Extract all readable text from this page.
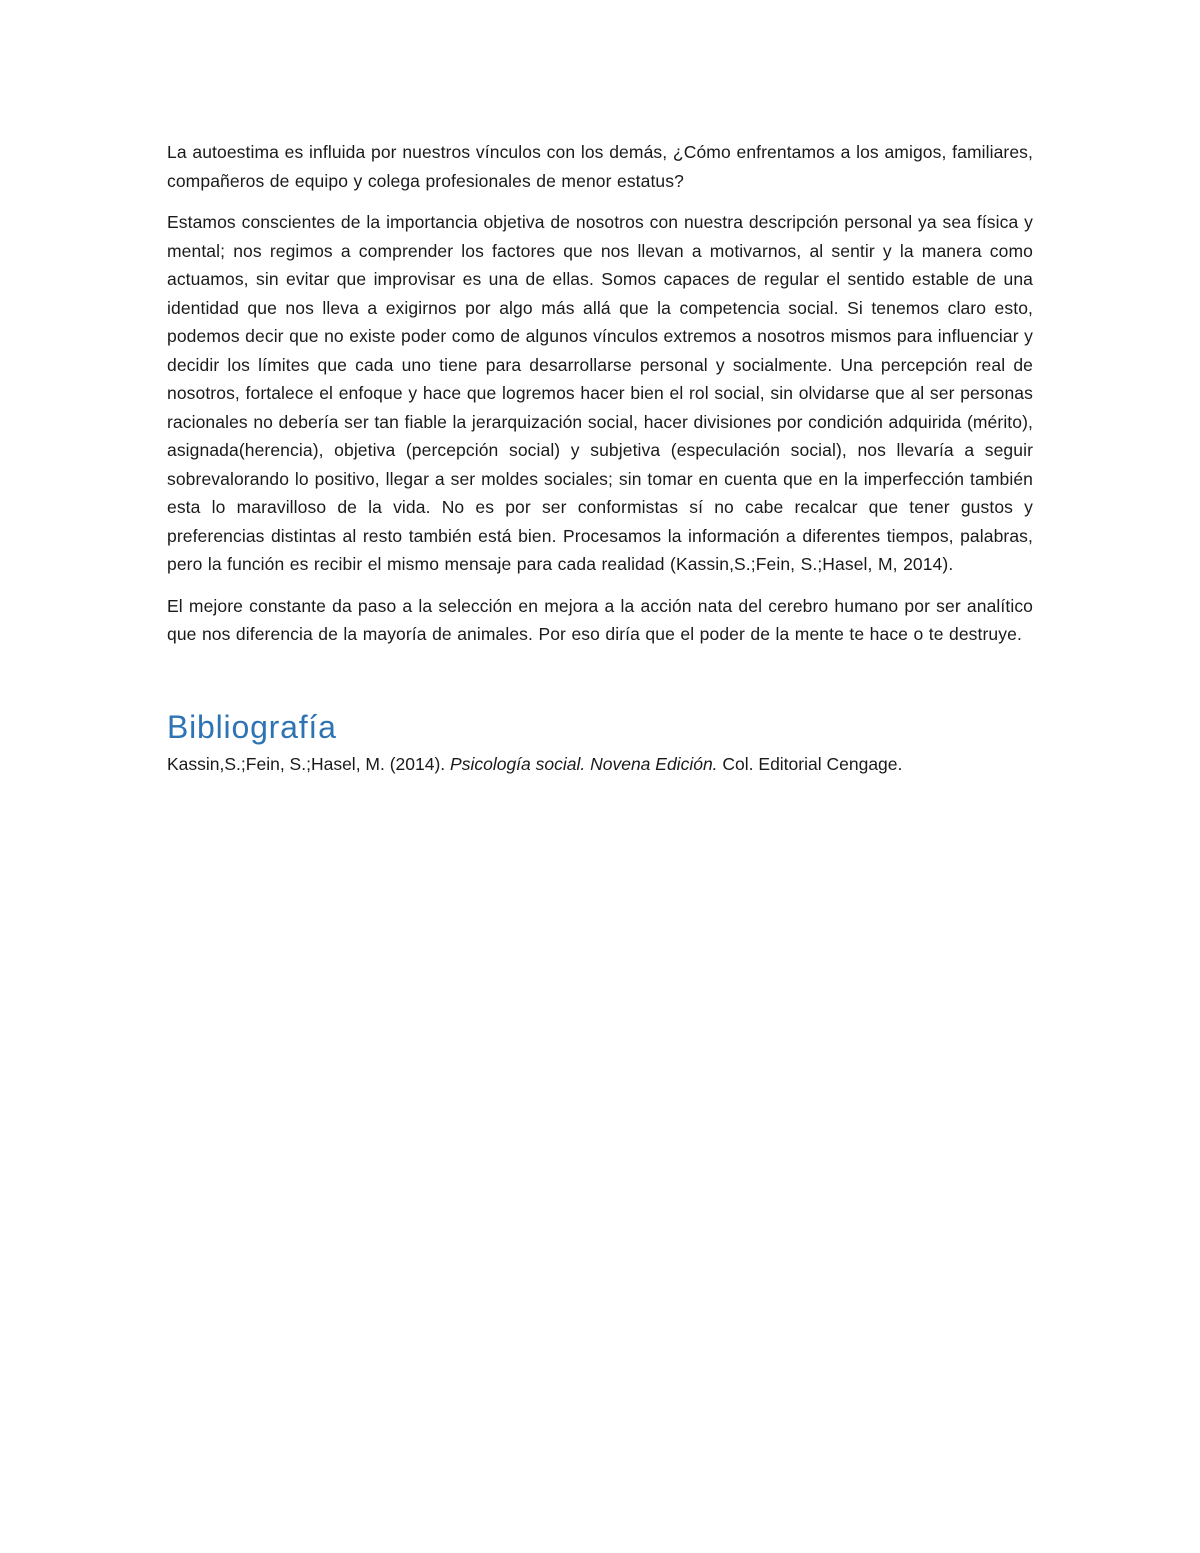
La autoestima es influida por nuestros vínculos con los demás, ¿Cómo enfrentamos a los amigos, familiares, compañeros de equipo y colega profesionales de menor estatus?

Estamos conscientes de la importancia objetiva de nosotros con nuestra descripción personal ya sea física y mental; nos regimos a comprender los factores que nos llevan a motivarnos, al sentir y la manera como actuamos, sin evitar que improvisar es una de ellas. Somos capaces de regular el sentido estable de una identidad que nos lleva a exigirnos por algo más allá que la competencia social. Si tenemos claro esto, podemos decir que no existe poder como de algunos vínculos extremos a nosotros mismos para influenciar y decidir los límites que cada uno tiene para desarrollarse personal y socialmente. Una percepción real de nosotros, fortalece el enfoque y hace que logremos hacer bien el rol social, sin olvidarse que al ser personas racionales no debería ser tan fiable la jerarquización social, hacer divisiones por condición adquirida (mérito), asignada(herencia), objetiva (percepción social) y subjetiva (especulación social), nos llevaría a seguir sobrevalorando lo positivo, llegar a ser moldes sociales; sin tomar en cuenta que en la imperfección también esta lo maravilloso de la vida. No es por ser conformistas sí no cabe recalcar que tener gustos y preferencias distintas al resto también está bien. Procesamos la información a diferentes tiempos, palabras, pero la función es recibir el mismo mensaje para cada realidad (Kassin,S.;Fein, S.;Hasel, M, 2014).

El mejore constante da paso a la selección en mejora a la acción nata del cerebro humano por ser analítico que nos diferencia de la mayoría de animales. Por eso diría que el poder de la mente te hace o te destruye.

Bibliografía

Kassin,S.;Fein, S.;Hasel, M. (2014). Psicología social. Novena Edición. Col. Editorial Cengage.
